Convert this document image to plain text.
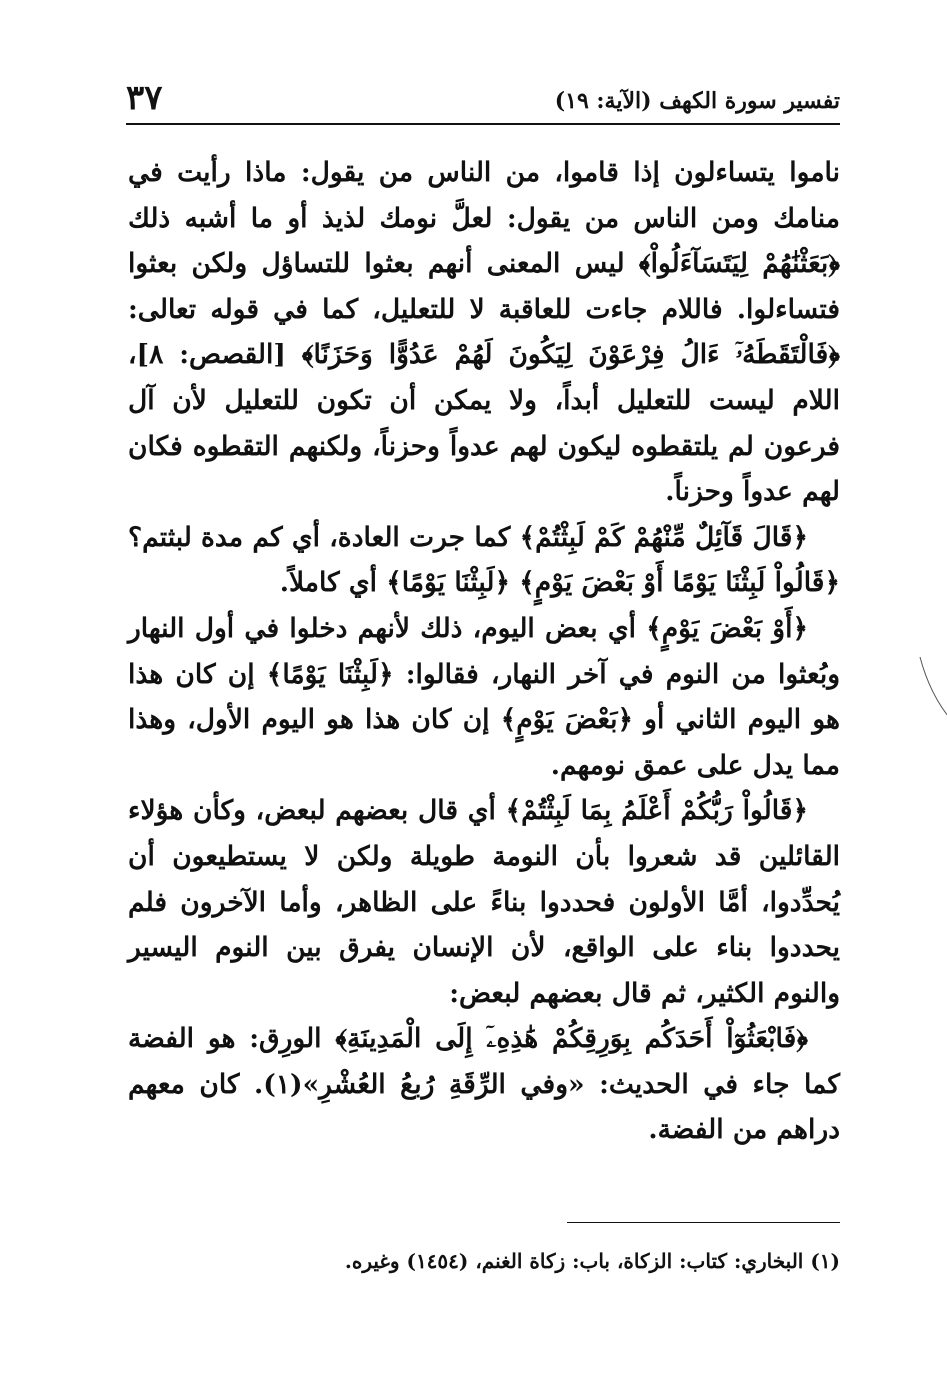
تفسير سورة الكهف (الآية: ١٩)
٣٧

ناموا يتساءلون إذا قاموا، من الناس من يقول: ماذا رأيت في منامك ومن الناس من يقول: لعلَّ نومك لذيذ أو ما أشبه ذلك ﴿بَعَثْنَٰهُمْ لِيَتَسَآءَلُواْ﴾ ليس المعنى أنهم بعثوا للتساؤل ولكن بعثوا فتساءلوا. فاللام جاءت للعاقبة لا للتعليل، كما في قوله تعالى: ﴿فَالْتَقَطَهُۥٓ ءَالُ فِرْعَوْنَ لِيَكُونَ لَهُمْ عَدُوًّا وَحَزَنًا﴾ [القصص: ٨]، اللام ليست للتعليل أبداً، ولا يمكن أن تكون للتعليل لأن آل فرعون لم يلتقطوه ليكون لهم عدواً وحزناً، ولكنهم التقطوه فكان لهم عدواً وحزناً.

﴿قَالَ قَآئِلٌ مِّنْهُمْ كَمْ لَبِثْتُمْ﴾ كما جرت العادة، أي كم مدة لبثتم؟ ﴿قَالُواْ لَبِثْنَا يَوْمًا أَوْ بَعْضَ يَوْمٍ﴾ ﴿لَبِثْنَا يَوْمًا﴾ أي كاملاً.

﴿أَوْ بَعْضَ يَوْمٍ﴾ أي بعض اليوم، ذلك لأنهم دخلوا في أول النهار وبُعثوا من النوم في آخر النهار، فقالوا: ﴿لَبِثْنَا يَوْمًا﴾ إن كان هذا هو اليوم الثاني أو ﴿بَعْضَ يَوْمٍ﴾ إن كان هذا هو اليوم الأول، وهذا مما يدل على عمق نومهم.

﴿قَالُواْ رَبُّكُمْ أَعْلَمُ بِمَا لَبِثْتُمْ﴾ أي قال بعضهم لبعض، وكأن هؤلاء القائلين قد شعروا بأن النومة طويلة ولكن لا يستطيعون أن يُحدِّدوا، أمَّا الأولون فحددوا بناءً على الظاهر، وأما الآخرون فلم يحددوا بناء على الواقع، لأن الإنسان يفرق بين النوم اليسير والنوم الكثير، ثم قال بعضهم لبعض:

﴿فَابْعَثُوٓاْ أَحَدَكُم بِوَرِقِكُمْ هَٰذِهِۦٓ إِلَى الْمَدِينَةِ﴾ الورِق: هو الفضة كما جاء في الحديث: «وفي الرِّقَةِ رُبعُ العُشْرِ»(١). كان معهم دراهم من الفضة.

(١) البخاري: كتاب: الزكاة، باب: زكاة الغنم، (١٤٥٤) وغيره.
